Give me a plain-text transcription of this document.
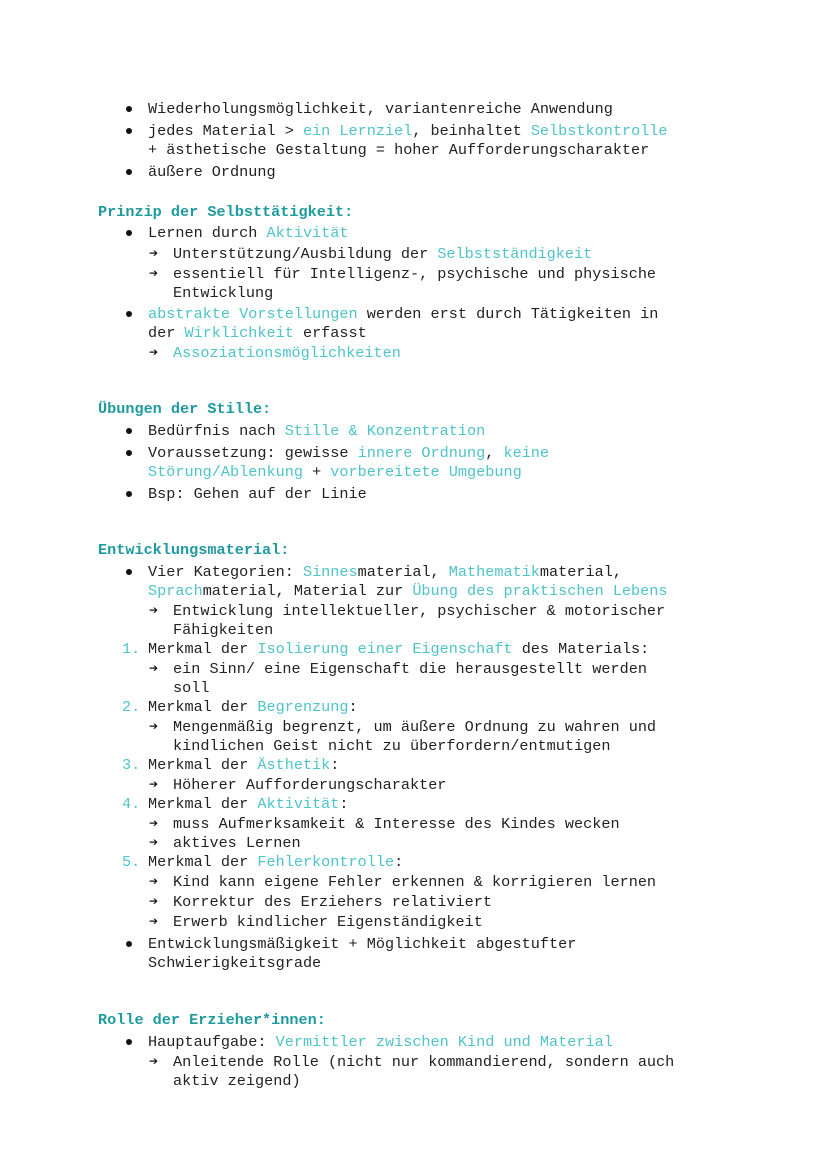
Wiederholungsmöglichkeit, variantenreiche Anwendung
jedes Material > ein Lernziel, beinhaltet Selbstkontrolle
+ ästhetische Gestaltung = hoher Aufforderungscharakter
äußere Ordnung
Prinzip der Selbsttätigkeit:
Lernen durch Aktivität
➔ Unterstützung/Ausbildung der Selbstständigkeit
➔ essentiell für Intelligenz-, psychische und physische
Entwicklung
abstrakte Vorstellungen werden erst durch Tätigkeiten in
der Wirklichkeit erfasst
➔ Assoziationsmöglichkeiten
Übungen der Stille:
Bedürfnis nach Stille & Konzentration
Voraussetzung: gewisse innere Ordnung, keine
Störung/Ablenkung + vorbereitete Umgebung
Bsp: Gehen auf der Linie
Entwicklungsmaterial:
Vier Kategorien: Sinnesmaterial, Mathematikmaterial,
Sprachmaterial, Material zur Übung des praktischen Lebens
➔ Entwicklung intellektueller, psychischer & motorischer
Fähigkeiten
1. Merkmal der Isolierung einer Eigenschaft des Materials:
➔ ein Sinn/ eine Eigenschaft die herausgestellt werden
soll
2. Merkmal der Begrenzung:
➔ Mengenmäßig begrenzt, um äußere Ordnung zu wahren und
kindlichen Geist nicht zu überfordern/entmutigen
3. Merkmal der Ästhetik:
➔ Höherer Aufforderungscharakter
4. Merkmal der Aktivität:
➔ muss Aufmerksamkeit & Interesse des Kindes wecken
➔ aktives Lernen
5. Merkmal der Fehlerkontrolle:
➔ Kind kann eigene Fehler erkennen & korrigieren lernen
➔ Korrektur des Erziehers relativiert
➔ Erwerb kindlicher Eigenständigkeit
Entwicklungsmäßigkeit + Möglichkeit abgestufter
Schwierigkeitsgrade
Rolle der Erzieher*innen:
Hauptaufgabe: Vermittler zwischen Kind und Material
➔ Anleitende Rolle (nicht nur kommandierend, sondern auch
aktiv zeigend)
